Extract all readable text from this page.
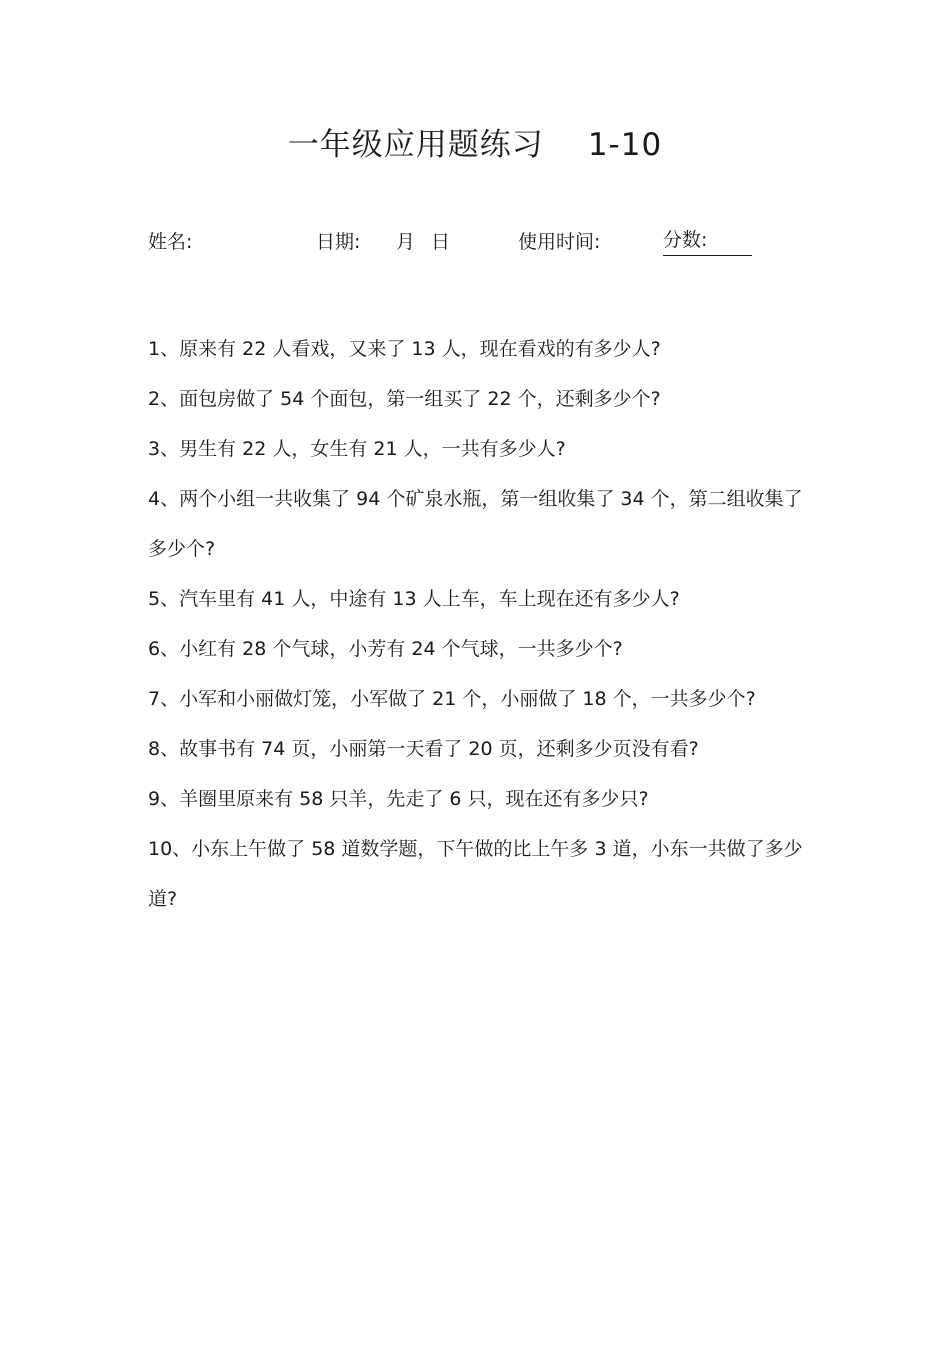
一年级应用题练习 1-10
姓名:	日期: 月 日	使用时间:	分数:
1、原来有 22 人看戏，又来了 13 人，现在看戏的有多少人?
2、面包房做了 54 个面包，第一组买了 22 个，还剩多少个?
3、男生有 22 人，女生有 21 人，一共有多少人?
4、两个小组一共收集了 94 个矿泉水瓶，第一组收集了 34 个，第二组收集了多少个?
5、汽车里有 41 人，中途有 13 人上车，车上现在还有多少人?
6、小红有 28 个气球，小芳有 24 个气球，一共多少个?
7、小军和小丽做灯笼，小军做了 21 个，小丽做了 18 个，一共多少个?
8、故事书有 74 页，小丽第一天看了 20 页，还剩多少页没有看?
9、羊圈里原来有 58 只羊，先走了 6 只，现在还有多少只?
10、小东上午做了 58 道数学题，下午做的比上午多 3 道，小东一共做了多少道?
